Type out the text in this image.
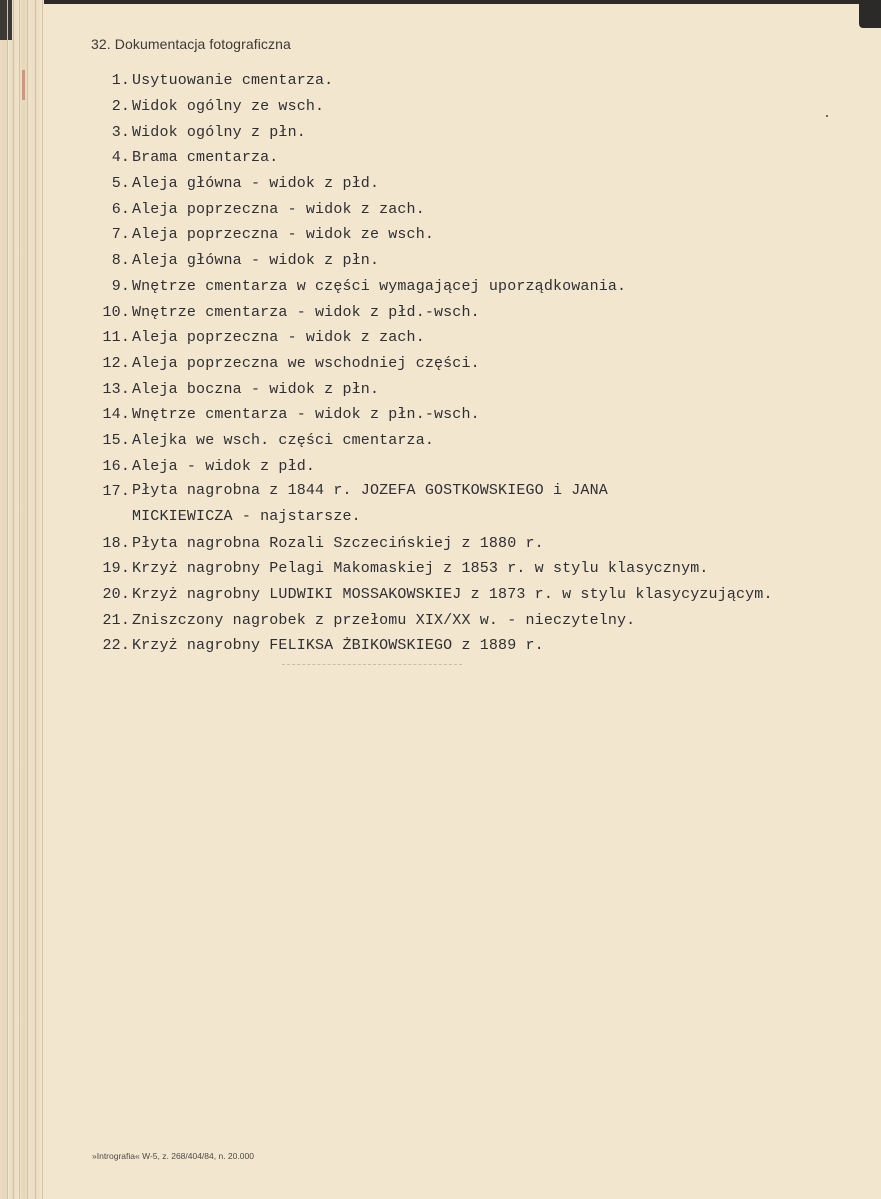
32. Dokumentacja fotograficzna
1. Usytuowanie cmentarza.
2. Widok ogólny ze wsch.
3. Widok ogólny z płn.
4. Brama cmentarza.
5. Aleja główna - widok z płd.
6. Aleja poprzeczna - widok z zach.
7. Aleja poprzeczna - widok ze wsch.
8. Aleja główna - widok z płn.
9. Wnętrze cmentarza w części wymagającej uporządkowania.
10. Wnętrze cmentarza - widok z płd.-wsch.
11. Aleja poprzeczna - widok z zach.
12. Aleja poprzeczna we wschodniej części.
13. Aleja boczna - widok z płn.
14. Wnętrze cmentarza - widok z płn.-wsch.
15. Alejka we wsch. części cmentarza.
16. Aleja - widok z płd.
17. Płyta nagrobna z 1844 r. JOZEFA GOSTKOWSKIEGO i JANA MICKIEWICZA - najstarsze.
18. Płyta nagrobna Rozali Szczecińskiej z 1880 r.
19. Krzyż nagrobny Pelagi Makomaskiej z 1853 r. w stylu klasycznym.
20. Krzyż nagrobny LUDWIKI MOSSAKOWSKIEJ z 1873 r. w stylu klasycyzującym.
21. Zniszczony nagrobek z przełomu XIX/XX w. - nieczytelny.
22. Krzyż nagrobny FELIKSA ŻBIKOWSKIEGO z 1889 r.
»Intrografia« W-5, z. 268/404/84, n. 20.000
